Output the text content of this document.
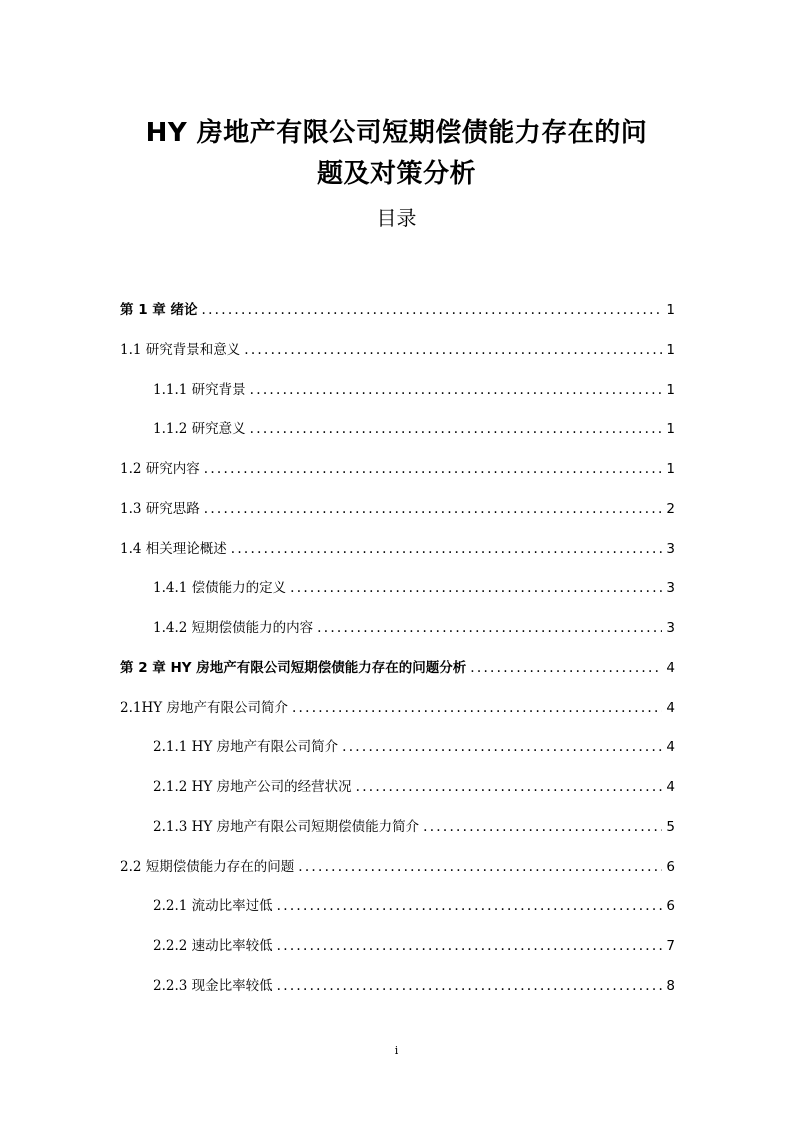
HY 房地产有限公司短期偿债能力存在的问
题及对策分析
目录
第 1 章 绪论 . . .	1
1.1 研究背景和意义 . . .	1
1.1.1 研究背景 . . .	1
1.1.2 研究意义 . . .	1
1.2 研究内容 . . .	1
1.3 研究思路 . . .	2
1.4 相关理论概述 . . .	3
1.4.1 偿债能力的定义 . . .	3
1.4.2 短期偿债能力的内容 . . .	3
第 2 章 HY 房地产有限公司短期偿债能力存在的问题分析 . . .	4
2.1HY 房地产有限公司简介 . . .	4
2.1.1 HY 房地产有限公司简介 . . .	4
2.1.2 HY 房地产公司的经营状况 . . .	4
2.1.3 HY 房地产有限公司短期偿债能力简介 . . .	5
2.2 短期偿债能力存在的问题 . . .	6
2.2.1 流动比率过低 . . .	6
2.2.2 速动比率较低 . . .	7
2.2.3 现金比率较低 . . .	8
i
